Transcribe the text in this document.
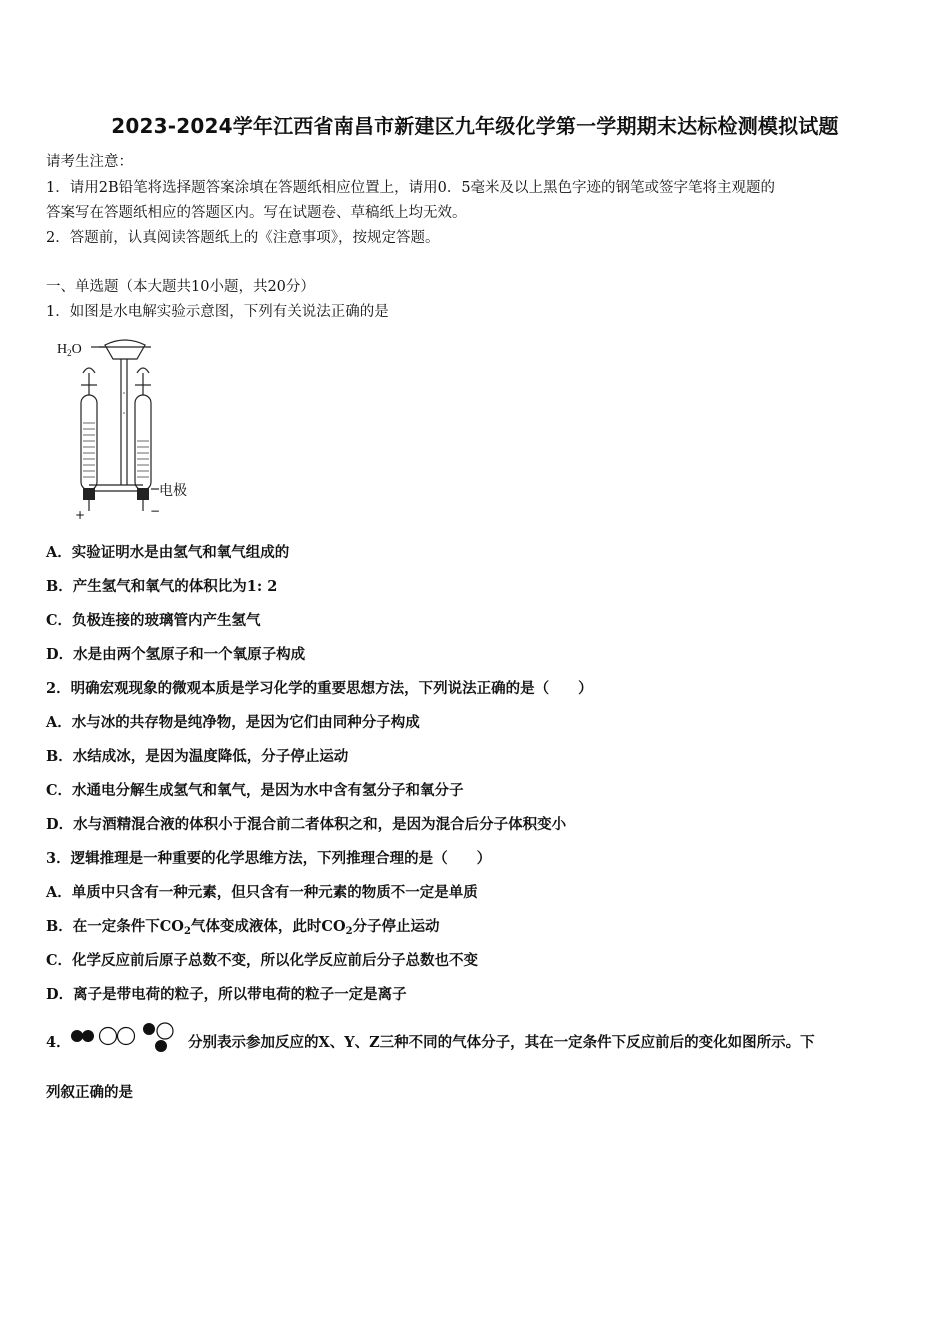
2023-2024学年江西省南昌市新建区九年级化学第一学期期末达标检测模拟试题
请考生注意：
1．请用2B铅笔将选择题答案涂填在答题纸相应位置上，请用0．5毫米及以上黑色字迹的钢笔或签字笔将主观题的
答案写在答题纸相应的答题区内。写在试题卷、草稿纸上均无效。
2．答题前，认真阅读答题纸上的《注意事项》，按规定答题。
一、单选题（本大题共10小题，共20分）
1．如图是水电解实验示意图，下列有关说法正确的是
$H_2O$
电极
+	−
A．实验证明水是由氢气和氧气组成的
B．产生氢气和氧气的体积比为1: 2
C．负极连接的玻璃管内产生氢气
D．水是由两个氢原子和一个氧原子构成
2．明确宏观现象的微观本质是学习化学的重要思想方法，下列说法正确的是（　　）
A．水与冰的共存物是纯净物，是因为它们由同种分子构成
B．水结成冰，是因为温度降低，分子停止运动
C．水通电分解生成氢气和氧气，是因为水中含有氢分子和氧分子
D．水与酒精混合液的体积小于混合前二者体积之和，是因为混合后分子体积变小
3．逻辑推理是一种重要的化学思维方法，下列推理合理的是（　　）
A．单质中只含有一种元素，但只含有一种元素的物质不一定是单质
B．在一定条件下$CO_2$气体变成液体，此时$CO_2$分子停止运动
C．化学反应前后原子总数不变，所以化学反应前后分子总数也不变
D．离子是带电荷的粒子，所以带电荷的粒子一定是离子
4．	分别表示参加反应的X、Y、Z三种不同的气体分子，其在一定条件下反应前后的变化如图所示。下
列叙正确的是
